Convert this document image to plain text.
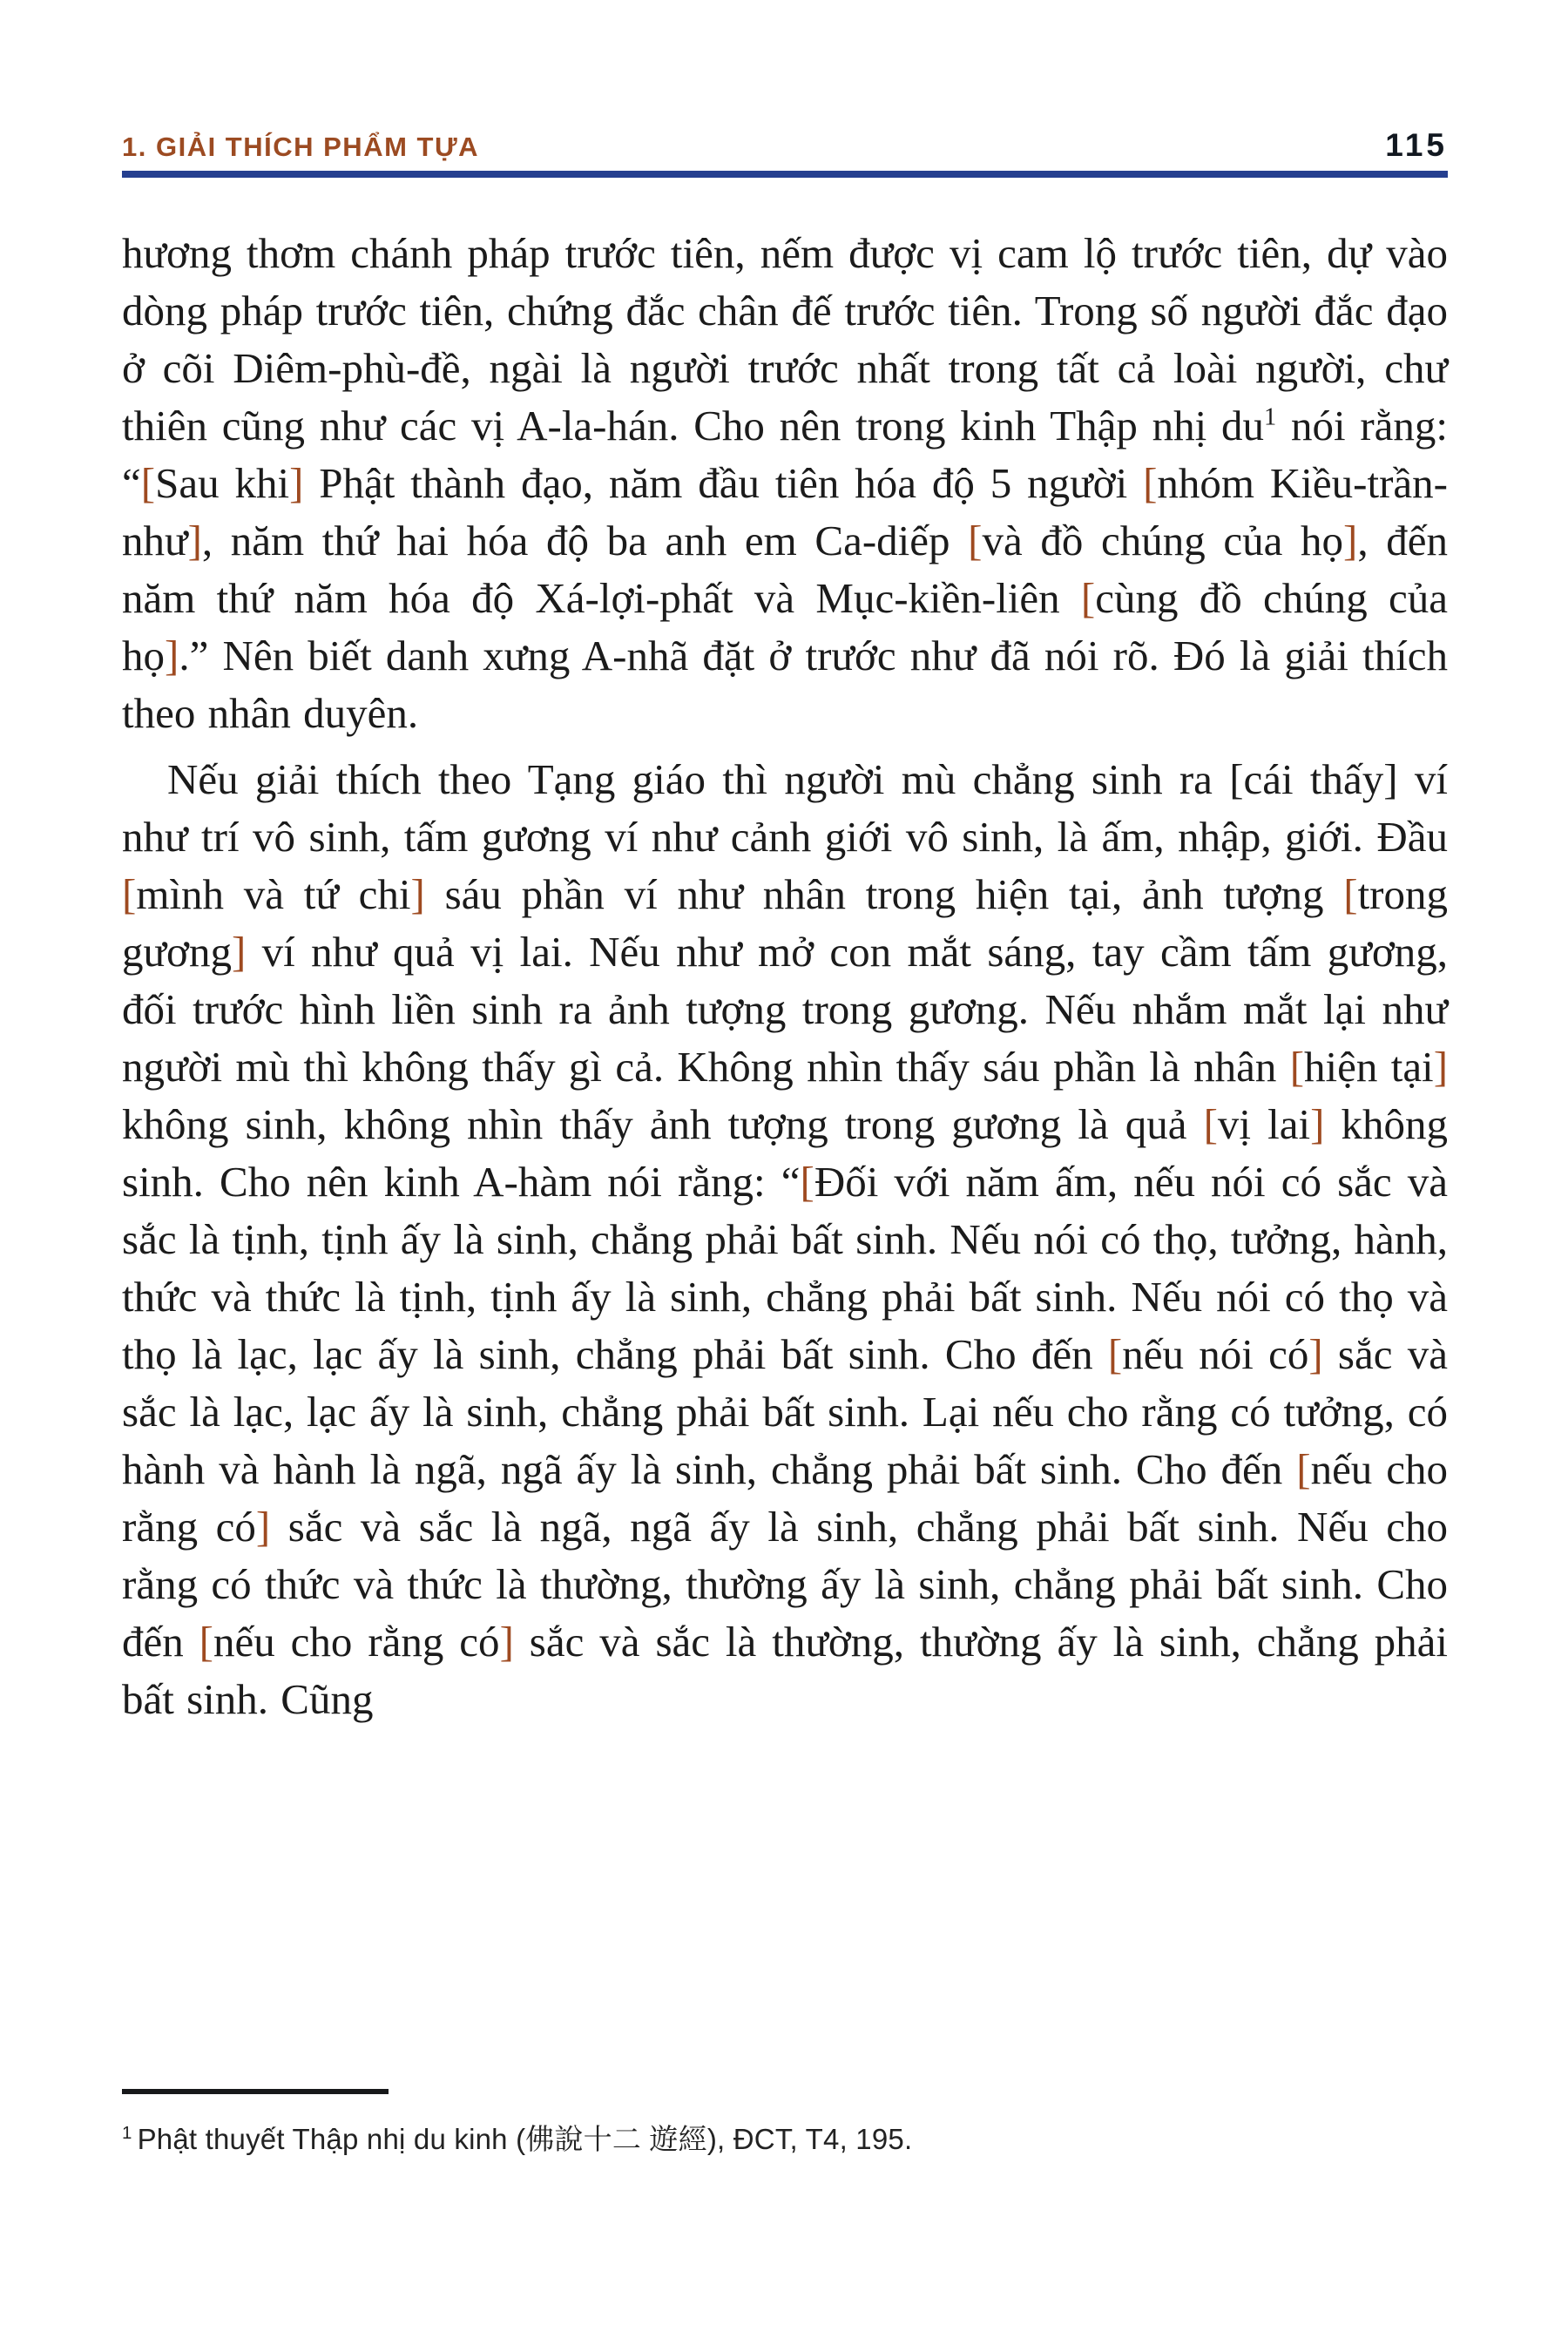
1. GIẢI THÍCH PHẨM TỰA	115

hương thơm chánh pháp trước tiên, nếm được vị cam lộ trước tiên, dự vào dòng pháp trước tiên, chứng đắc chân đế trước tiên. Trong số người đắc đạo ở cõi Diêm-phù-đề, ngài là người trước nhất trong tất cả loài người, chư thiên cũng như các vị A-la-hán. Cho nên trong kinh Thập nhị $du^1$ nói rằng: “[Sau khi] Phật thành đạo, năm đầu tiên hóa độ 5 người [nhóm Kiều-trần-như], năm thứ hai hóa độ ba anh em Ca-diếp [và đồ chúng của họ], đến năm thứ năm hóa độ Xá-lợi-phất và Mục-kiền-liên [cùng đồ chúng của họ].” Nên biết danh xưng A-nhã đặt ở trước như đã nói rõ. Đó là giải thích theo nhân duyên.

Nếu giải thích theo Tạng giáo thì người mù chẳng sinh ra [cái thấy] ví như trí vô sinh, tấm gương ví như cảnh giới vô sinh, là ấm, nhập, giới. Đầu [mình và tứ chi] sáu phần ví như nhân trong hiện tại, ảnh tượng [trong gương] ví như quả vị lai. Nếu như mở con mắt sáng, tay cầm tấm gương, đối trước hình liền sinh ra ảnh tượng trong gương. Nếu nhắm mắt lại như người mù thì không thấy gì cả. Không nhìn thấy sáu phần là nhân [hiện tại] không sinh, không nhìn thấy ảnh tượng trong gương là quả [vị lai] không sinh. Cho nên kinh A-hàm nói rằng: “[Đối với năm ấm, nếu nói có sắc và sắc là tịnh, tịnh ấy là sinh, chẳng phải bất sinh. Nếu nói có thọ, tưởng, hành, thức và thức là tịnh, tịnh ấy là sinh, chẳng phải bất sinh. Nếu nói có thọ và thọ là lạc, lạc ấy là sinh, chẳng phải bất sinh. Cho đến [nếu nói có] sắc và sắc là lạc, lạc ấy là sinh, chẳng phải bất sinh. Lại nếu cho rằng có tưởng, có hành và hành là ngã, ngã ấy là sinh, chẳng phải bất sinh. Cho đến [nếu cho rằng có] sắc và sắc là ngã, ngã ấy là sinh, chẳng phải bất sinh. Nếu cho rằng có thức và thức là thường, thường ấy là sinh, chẳng phải bất sinh. Cho đến [nếu cho rằng có] sắc và sắc là thường, thường ấy là sinh, chẳng phải bất sinh. Cũng

$^1$ Phật thuyết Thập nhị du kinh (佛說十二 遊經), ĐCT, T4, 195.
